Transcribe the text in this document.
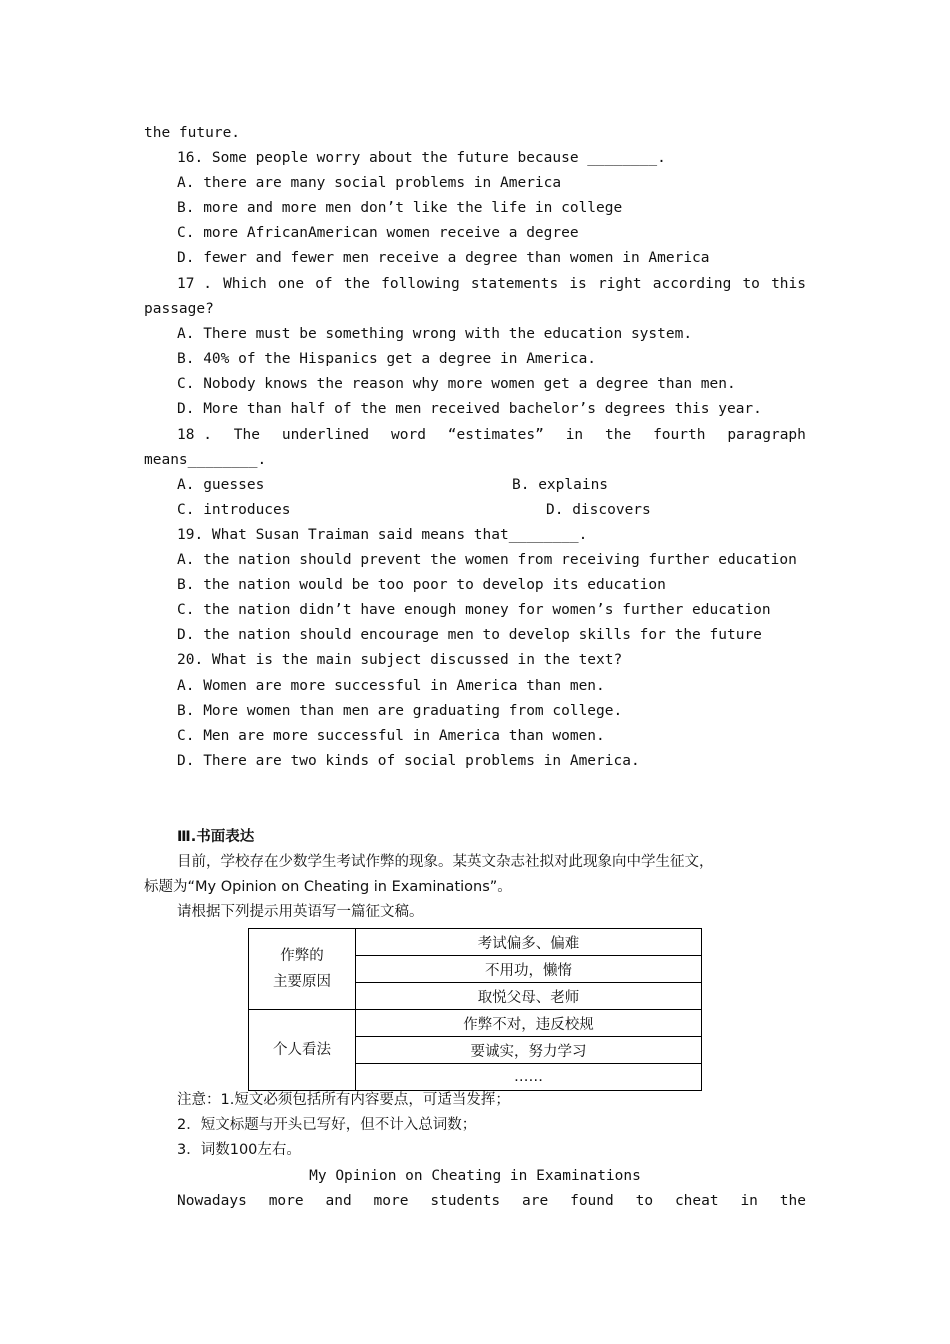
the future.
16. Some people worry about the future because ________.
A. there are many social problems in America
B. more and more men don’t like the life in college
C. more AfricanAmerican women receive a degree
D. fewer and fewer men receive a degree than women in America
17 . Which one of the following statements is right according to this
passage?
A. There must be something wrong with the education system.
B. 40% of the Hispanics get a degree in America.
C. Nobody knows the reason why more women get a degree than men.
D. More than half of the men received bachelor’s degrees this year.
18 . The underlined word “estimates” in the fourth paragraph
means________.
A. guesses	B. explains
C. introduces	D. discovers
19. What Susan Traiman said means that________.
A. the nation should prevent the women from receiving further education
B. the nation would be too poor to develop its education
C. the nation didn’t have enough money for women’s further education
D. the nation should encourage men to develop skills for the future
20. What is the main subject discussed in the text?
A. Women are more successful in America than men.
B. More women than men are graduating from college.
C. Men are more successful in America than women.
D. There are two kinds of social problems in America.
Ⅲ.书面表达
目前，学校存在少数学生考试作弊的现象。某英文杂志社拟对此现象向中学生征文，
标题为“My Opinion on Cheating in Examinations”。
请根据下列提示用英语写一篇征文稿。
作弊的
主要原因	考试偏多、偏难
	不用功，懒惰
	取悦父母、老师
个人看法	作弊不对，违反校规
	要诚实，努力学习
	……
注意：1.短文必须包括所有内容要点，可适当发挥；
2．短文标题与开头已写好，但不计入总词数；
3．词数100左右。
My Opinion on Cheating in Examinations
Nowadays more and more students are found to cheat in the
